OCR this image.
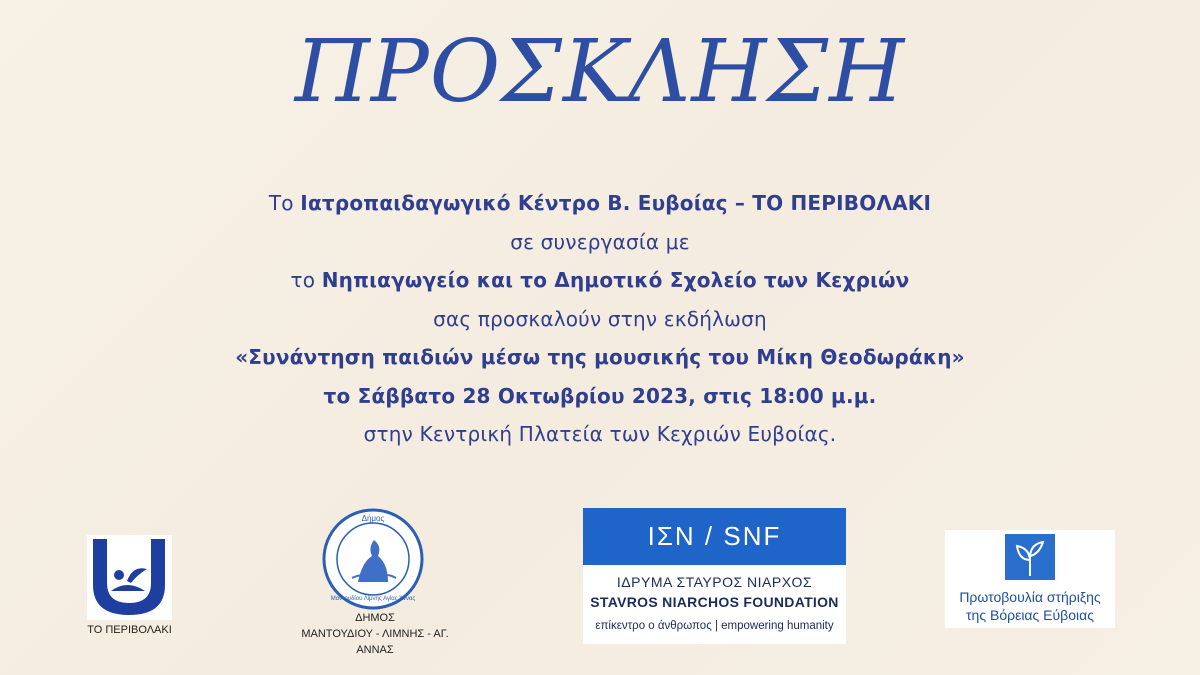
ΠΡΟΣΚΛΗΣΗ
Το Ιατροπαιδαγωγικό Κέντρο Β. Ευβοίας – ΤΟ ΠΕΡΙΒΟΛΑΚΙ
σε συνεργασία με
το Νηπιαγωγείο και το Δημοτικό Σχολείο των Κεχριών
σας προσκαλούν στην εκδήλωση
«Συνάντηση παιδιών μέσω της μουσικής του Μίκη Θεοδωράκη»
το Σάββατο 28 Οκτωβρίου 2023, στις 18:00 μ.μ.
στην Κεντρική Πλατεία των Κεχριών Ευβοίας.
ΤΟ ΠΕΡΙΒΟΛΑΚΙ
Δήμος
Μαντουδίου Λίμνης Αγίας Άννας
ΔΗΜΟΣ
ΜΑΝΤΟΥΔΙΟΥ - ΛΙΜΝΗΣ - ΑΓ. ΑΝΝΑΣ
ΙΣΝ / SNF
ΙΔΡΥΜΑ ΣΤΑΥΡΟΣ ΝΙΑΡΧΟΣ
STAVROS NIARCHOS FOUNDATION
επίκεντρο ο άνθρωπος | empowering humanity
Πρωτοβουλία στήριξης
της Βόρειας Εύβοιας
